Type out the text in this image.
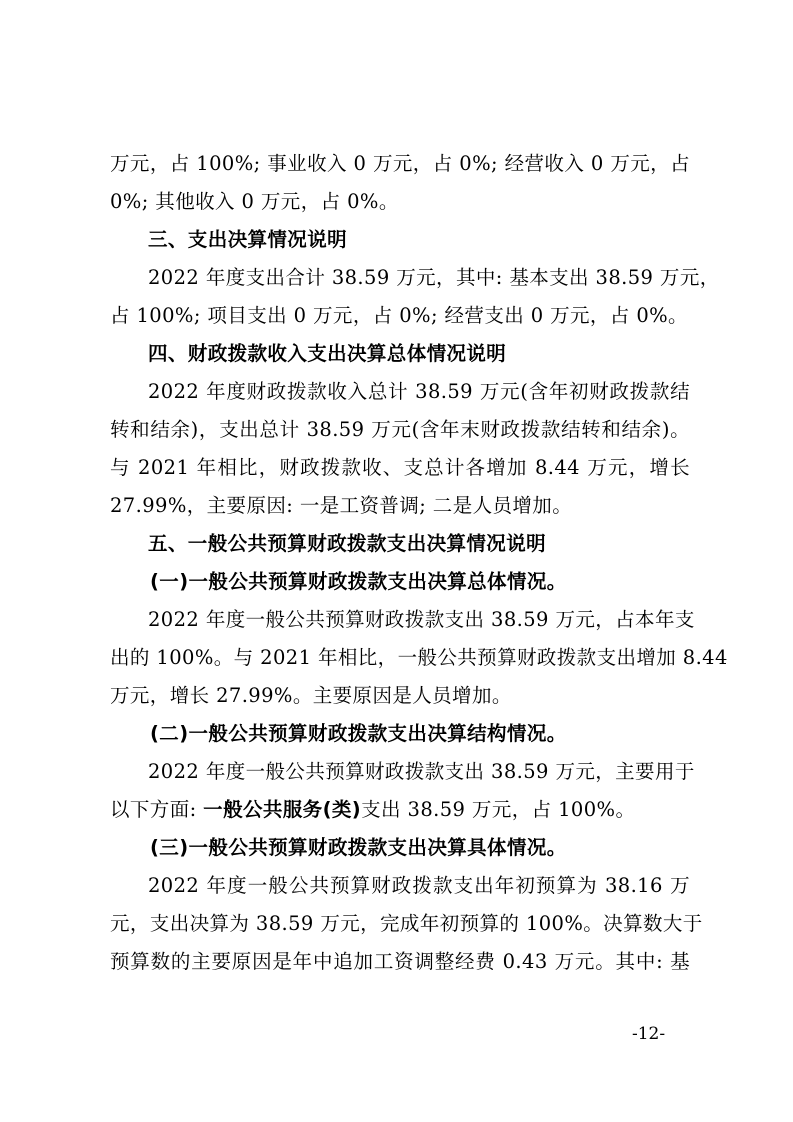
万元，占 100%; 事业收入 0 万元，占 0%; 经营收入 0 万元，占
0%; 其他收入 0 万元，占 0%。
三、支出决算情况说明
2022 年度支出合计 38.59 万元，其中: 基本支出 38.59 万元，
占 100%; 项目支出 0 万元，占 0%; 经营支出 0 万元，占 0%。
四、财政拨款收入支出决算总体情况说明
2022 年度财政拨款收入总计 38.59 万元(含年初财政拨款结
转和结余)，支出总计 38.59 万元(含年末财政拨款结转和结余)。
与 2021 年相比，财政拨款收、支总计各增加 8.44 万元，增长
27.99%，主要原因: 一是工资普调; 二是人员增加。
五、一般公共预算财政拨款支出决算情况说明
(一)一般公共预算财政拨款支出决算总体情况。
2022 年度一般公共预算财政拨款支出 38.59 万元，占本年支
出的 100%。与 2021 年相比，一般公共预算财政拨款支出增加 8.44
万元，增长 27.99%。主要原因是人员增加。
(二)一般公共预算财政拨款支出决算结构情况。
2022 年度一般公共预算财政拨款支出 38.59 万元，主要用于
以下方面: 一般公共服务(类)支出 38.59 万元，占 100%。
(三)一般公共预算财政拨款支出决算具体情况。
2022 年度一般公共预算财政拨款支出年初预算为 38.16 万
元，支出决算为 38.59 万元，完成年初预算的 100%。决算数大于
预算数的主要原因是年中追加工资调整经费 0.43 万元。其中: 基
-12-
